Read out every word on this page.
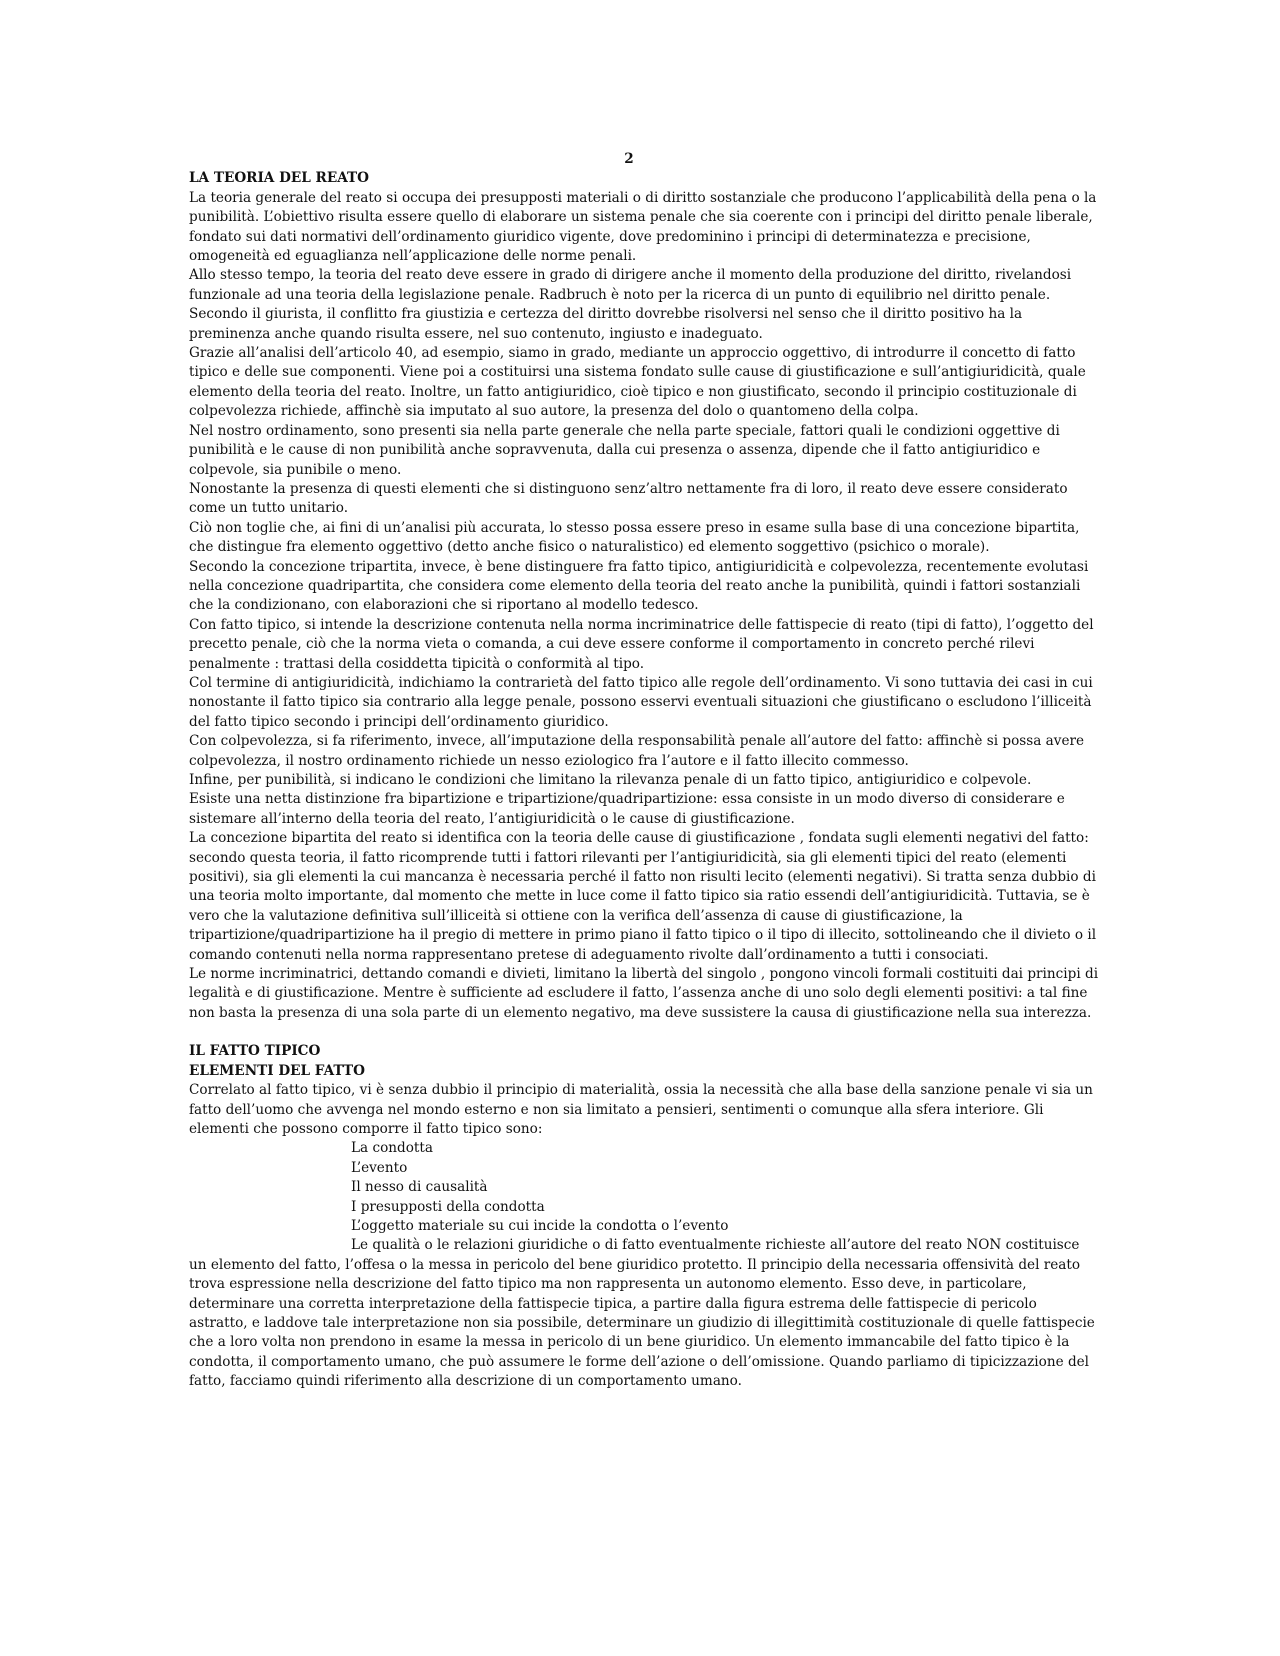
2
LA TEORIA DEL REATO

La teoria generale del reato si occupa dei presupposti materiali o di diritto sostanziale che producono l’applicabilità della pena o la punibilità. L’obiettivo risulta essere quello di elaborare un sistema penale che sia coerente con i principi del diritto penale liberale, fondato sui dati normativi dell’ordinamento giuridico vigente, dove predominino i principi di determinatezza e precisione, omogeneità ed eguaglianza nell’applicazione delle norme penali.

Allo stesso tempo, la teoria del reato deve essere in grado di dirigere anche il momento della produzione del diritto, rivelandosi funzionale ad una teoria della legislazione penale. Radbruch è noto per la ricerca di un punto di equilibrio nel diritto penale. Secondo il giurista, il conflitto fra giustizia e certezza del diritto dovrebbe risolversi nel senso che il diritto positivo ha la preminenza anche quando risulta essere, nel suo contenuto, ingiusto e inadeguato.

Grazie all’analisi dell’articolo 40, ad esempio, siamo in grado, mediante un approccio oggettivo, di introdurre il concetto di fatto tipico e delle sue componenti. Viene poi a costituirsi una sistema fondato sulle cause di giustificazione e sull’antigiuridicità, quale elemento della teoria del reato. Inoltre, un fatto antigiuridico, cioè tipico e non giustificato, secondo il principio costituzionale di colpevolezza richiede, affinchè sia imputato al suo autore, la presenza del dolo o quantomeno della colpa.

Nel nostro ordinamento, sono presenti sia nella parte generale che nella parte speciale, fattori quali le condizioni oggettive di punibilità e le cause di non punibilità anche sopravvenuta, dalla cui presenza o assenza, dipende che il fatto antigiuridico e colpevole, sia punibile o meno.

Nonostante la presenza di questi elementi che si distinguono senz’altro nettamente fra di loro, il reato deve essere considerato come un tutto unitario.

Ciò non toglie che, ai fini di un’analisi più accurata, lo stesso possa essere preso in esame sulla base di una concezione bipartita, che distingue fra elemento oggettivo (detto anche fisico o naturalistico) ed elemento soggettivo (psichico o morale).

Secondo la concezione tripartita, invece, è bene distinguere fra fatto tipico, antigiuridicità e colpevolezza, recentemente evolutasi nella concezione quadripartita, che considera come elemento della teoria del reato anche la punibilità, quindi i fattori sostanziali che la condizionano, con elaborazioni che si riportano al modello tedesco.

Con fatto tipico, si intende la descrizione contenuta nella norma incriminatrice delle fattispecie di reato (tipi di fatto), l’oggetto del precetto penale, ciò che la norma vieta o comanda, a cui deve essere conforme il comportamento in concreto perché rilevi penalmente : trattasi della cosiddetta tipicità o conformità al tipo.

Col termine di antigiuridicità, indichiamo la contrarietà del fatto tipico alle regole dell’ordinamento. Vi sono tuttavia dei casi in cui nonostante il fatto tipico sia contrario alla legge penale, possono esservi eventuali situazioni che giustificano o escludono l’illiceità del fatto tipico secondo i principi dell’ordinamento giuridico.

Con colpevolezza, si fa riferimento, invece, all’imputazione della responsabilità penale all’autore del fatto: affinchè si possa avere colpevolezza, il nostro ordinamento richiede un nesso eziologico fra l’autore e il fatto illecito commesso.

Infine, per punibilità, si indicano le condizioni che limitano la rilevanza penale di un fatto tipico, antigiuridico e colpevole.

Esiste una netta distinzione fra bipartizione e tripartizione/quadripartizione: essa consiste in un modo diverso di considerare e sistemare all’interno della teoria del reato, l’antigiuridicità o le cause di giustificazione.

La concezione bipartita del reato si identifica con la teoria delle cause di giustificazione , fondata sugli elementi negativi del fatto: secondo questa teoria, il fatto ricomprende tutti i fattori rilevanti per l’antigiuridicità, sia gli elementi tipici del reato (elementi positivi), sia gli elementi la cui mancanza è necessaria perché il fatto non risulti lecito (elementi negativi). Si tratta senza dubbio di una teoria molto importante, dal momento che mette in luce come il fatto tipico sia ratio essendi dell’antigiuridicità. Tuttavia, se è vero che la valutazione definitiva sull’illiceità si ottiene con la verifica dell’assenza di cause di giustificazione, la tripartizione/quadripartizione ha il pregio di mettere in primo piano il fatto tipico o il tipo di illecito, sottolineando che il divieto o il comando contenuti nella norma rappresentano pretese di adeguamento rivolte dall’ordinamento a tutti i consociati.

Le norme incriminatrici, dettando comandi e divieti, limitano la libertà del singolo , pongono vincoli formali costituiti dai principi di legalità e di giustificazione. Mentre è sufficiente ad escludere il fatto, l’assenza anche di uno solo degli elementi positivi: a tal fine non basta la presenza di una sola parte di un elemento negativo, ma deve sussistere la causa di giustificazione nella sua interezza.

IL FATTO TIPICO
ELEMENTI DEL FATTO

Correlato al fatto tipico, vi è senza dubbio il principio di materialità, ossia la necessità che alla base della sanzione penale vi sia un fatto dell’uomo che avvenga nel mondo esterno e non sia limitato a pensieri, sentimenti o comunque alla sfera interiore. Gli elementi che possono comporre il fatto tipico sono:

La condotta
L’evento
Il nesso di causalità
I presupposti della condotta
L’oggetto materiale su cui incide la condotta o l’evento

Le qualità o le relazioni giuridiche o di fatto eventualmente richieste all’autore del reato NON costituisce un elemento del fatto, l’offesa o la messa in pericolo del bene giuridico protetto. Il principio della necessaria offensività del reato trova espressione nella descrizione del fatto tipico ma non rappresenta un autonomo elemento. Esso deve, in particolare, determinare una corretta interpretazione della fattispecie tipica, a partire dalla figura estrema delle fattispecie di pericolo astratto, e laddove tale interpretazione non sia possibile, determinare un giudizio di illegittimità costituzionale di quelle fattispecie che a loro volta non prendono in esame la messa in pericolo di un bene giuridico. Un elemento immancabile del fatto tipico è la condotta, il comportamento umano, che può assumere le forme dell’azione o dell’omissione. Quando parliamo di tipicizzazione del fatto, facciamo quindi riferimento alla descrizione di un comportamento umano.
